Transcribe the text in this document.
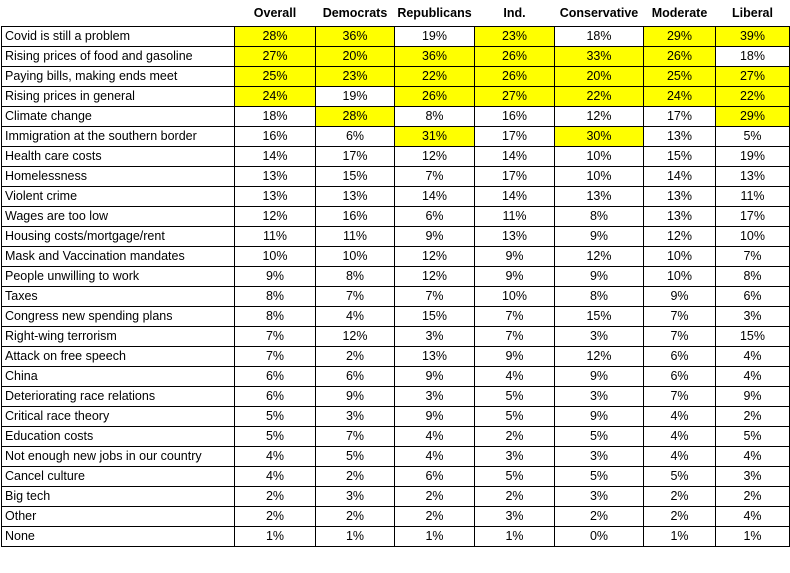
	Overall	Democrats	Republicans	Ind.	Conservative	Moderate	Liberal
Covid is still a problem	28%	36%	19%	23%	18%	29%	39%
Rising prices of food and gasoline	27%	20%	36%	26%	33%	26%	18%
Paying bills, making ends meet	25%	23%	22%	26%	20%	25%	27%
Rising prices in general	24%	19%	26%	27%	22%	24%	22%
Climate change	18%	28%	8%	16%	12%	17%	29%
Immigration at the southern border	16%	6%	31%	17%	30%	13%	5%
Health care costs	14%	17%	12%	14%	10%	15%	19%
Homelessness	13%	15%	7%	17%	10%	14%	13%
Violent crime	13%	13%	14%	14%	13%	13%	11%
Wages are too low	12%	16%	6%	11%	8%	13%	17%
Housing costs/mortgage/rent	11%	11%	9%	13%	9%	12%	10%
Mask and Vaccination mandates	10%	10%	12%	9%	12%	10%	7%
People unwilling to work	9%	8%	12%	9%	9%	10%	8%
Taxes	8%	7%	7%	10%	8%	9%	6%
Congress new spending plans	8%	4%	15%	7%	15%	7%	3%
Right-wing terrorism	7%	12%	3%	7%	3%	7%	15%
Attack on free speech	7%	2%	13%	9%	12%	6%	4%
China	6%	6%	9%	4%	9%	6%	4%
Deteriorating race relations	6%	9%	3%	5%	3%	7%	9%
Critical race theory	5%	3%	9%	5%	9%	4%	2%
Education costs	5%	7%	4%	2%	5%	4%	5%
Not enough new jobs in our country	4%	5%	4%	3%	3%	4%	4%
Cancel culture	4%	2%	6%	5%	5%	5%	3%
Big tech	2%	3%	2%	2%	3%	2%	2%
Other	2%	2%	2%	3%	2%	2%	4%
None	1%	1%	1%	1%	0%	1%	1%
